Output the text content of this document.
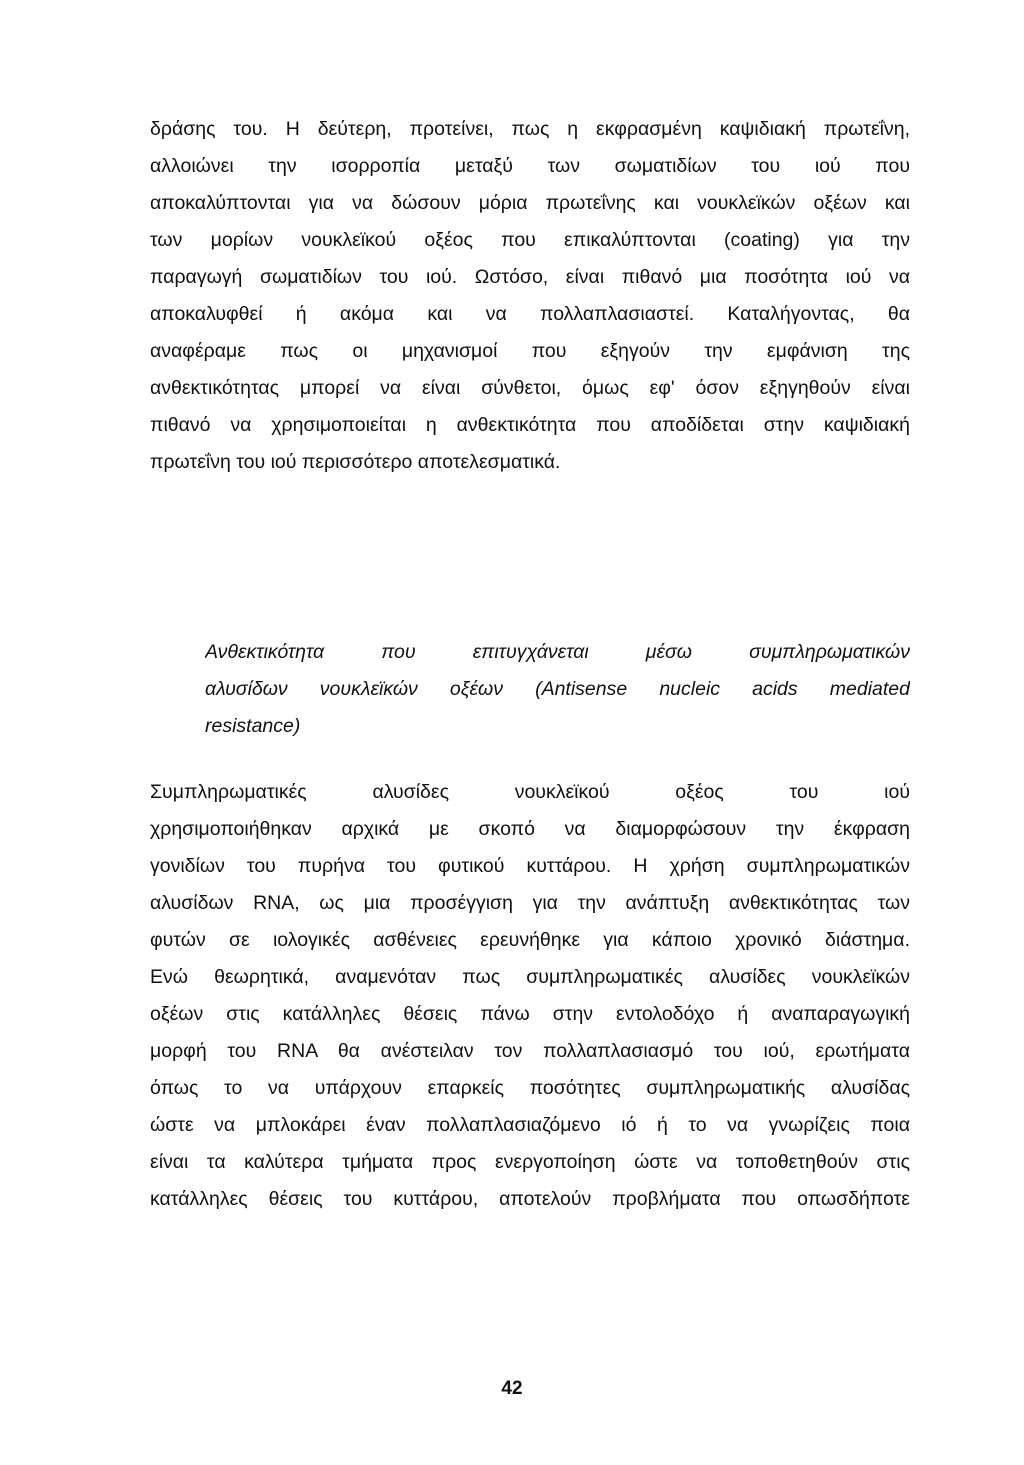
δράσης του. Η δεύτερη, προτείνει, πως η εκφρασμένη καψιδιακή πρωτεΐνη,
αλλοιώνει την ισορροπία μεταξύ των σωματιδίων του ιού που
αποκαλύπτονται για να δώσουν μόρια πρωτεΐνης και νουκλεϊκών οξέων και
των μορίων νουκλεϊκού οξέος που επικαλύπτονται (coating) για την
παραγωγή σωματιδίων του ιού. Ωστόσο, είναι πιθανό μια ποσότητα ιού να
αποκαλυφθεί ή ακόμα και να πολλαπλασιαστεί. Καταλήγοντας, θα
αναφέραμε πως οι μηχανισμοί που εξηγούν την εμφάνιση της
ανθεκτικότητας μπορεί να είναι σύνθετοι, όμως εφ' όσον εξηγηθούν είναι
πιθανό να χρησιμοποιείται η ανθεκτικότητα που αποδίδεται στην καψιδιακή
πρωτεΐνη του ιού περισσότερο αποτελεσματικά.
Ανθεκτικότητα που επιτυγχάνεται μέσω συμπληρωματικών
αλυσίδων νουκλεϊκών οξέων (Antisense nucleic acids mediated
resistance)
Συμπληρωματικές αλυσίδες νουκλεϊκού οξέος του ιού
χρησιμοποιήθηκαν αρχικά με σκοπό να διαμορφώσουν την έκφραση
γονιδίων του πυρήνα του φυτικού κυττάρου. Η χρήση συμπληρωματικών
αλυσίδων RNA, ως μια προσέγγιση για την ανάπτυξη ανθεκτικότητας των
φυτών σε ιολογικές ασθένειες ερευνήθηκε για κάποιο χρονικό διάστημα.
Ενώ θεωρητικά, αναμενόταν πως συμπληρωματικές αλυσίδες νουκλεϊκών
οξέων στις κατάλληλες θέσεις πάνω στην εντολοδόχο ή αναπαραγωγική
μορφή του RNA θα ανέστειλαν τον πολλαπλασιασμό του ιού, ερωτήματα
όπως το να υπάρχουν επαρκείς ποσότητες συμπληρωματικής αλυσίδας
ώστε να μπλοκάρει έναν πολλαπλασιαζόμενο ιό ή το να γνωρίζεις ποια
είναι τα καλύτερα τμήματα προς ενεργοποίηση ώστε να τοποθετηθούν στις
κατάλληλες θέσεις του κυττάρου, αποτελούν προβλήματα που οπωσδήποτε
42
